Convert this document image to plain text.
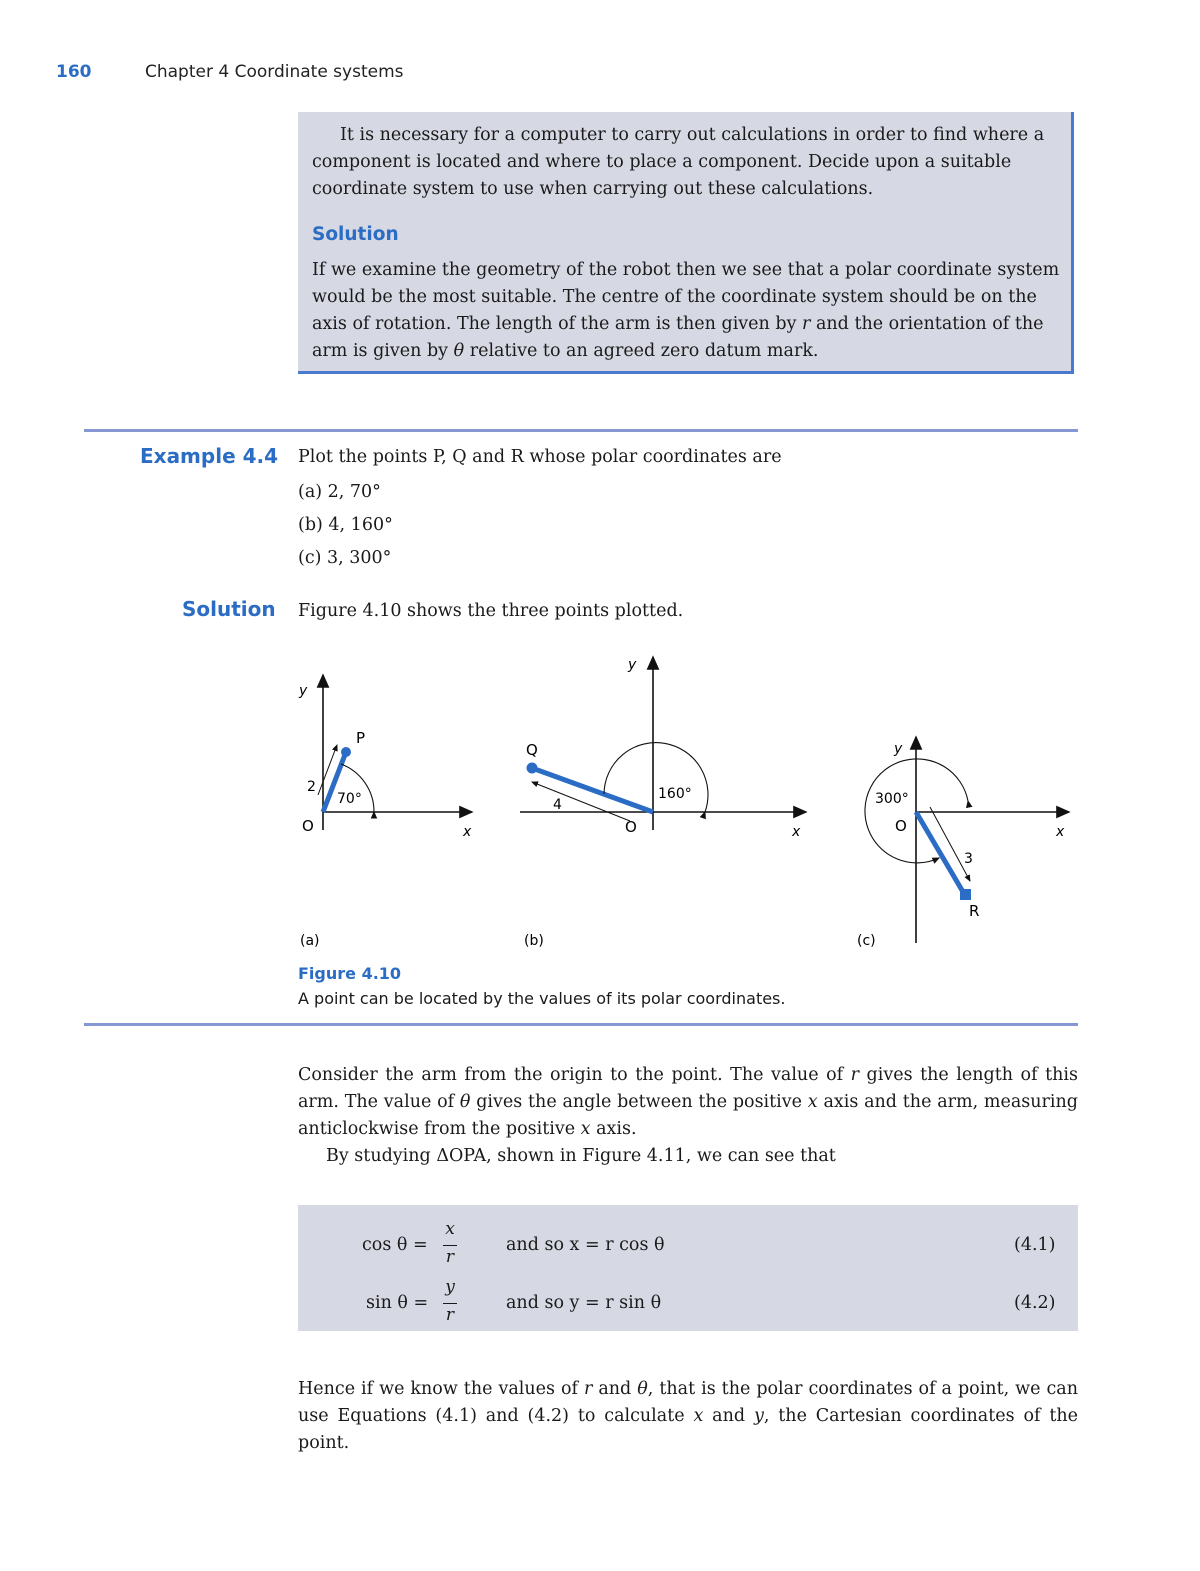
160	Chapter 4 Coordinate systems

It is necessary for a computer to carry out calculations in order to find where a component is located and where to place a component. Decide upon a suitable coordinate system to use when carrying out these calculations.

Solution

If we examine the geometry of the robot then we see that a polar coordinate system would be the most suitable. The centre of the coordinate system should be on the axis of rotation. The length of the arm is then given by r and the orientation of the arm is given by θ relative to an agreed zero datum mark.

Example 4.4 Plot the points P, Q and R whose polar coordinates are
(a) 2, 70°
(b) 4, 160°
(c) 3, 300°
Solution Figure 4.10 shows the three points plotted.
70°
y
x
O
P
2
(a)
160°
y
x
O
Q
4
(b)
300°
y
x
O
R
3
(c)
Figure 4.10
A point can be located by the values of its polar coordinates.

Consider the arm from the origin to the point. The value of r gives the length of this arm. The value of θ gives the angle between the positive x axis and the arm, measuring anticlockwise from the positive x axis.

By studying ΔOPA, shown in Figure 4.11, we can see that

cos θ =
x
r
and so x = r cos θ	(4.1)
sin θ =
y
r
and so y = r sin θ	(4.2)

Hence if we know the values of r and θ, that is the polar coordinates of a point, we can use Equations (4.1) and (4.2) to calculate x and y, the Cartesian coordinates of the point.
